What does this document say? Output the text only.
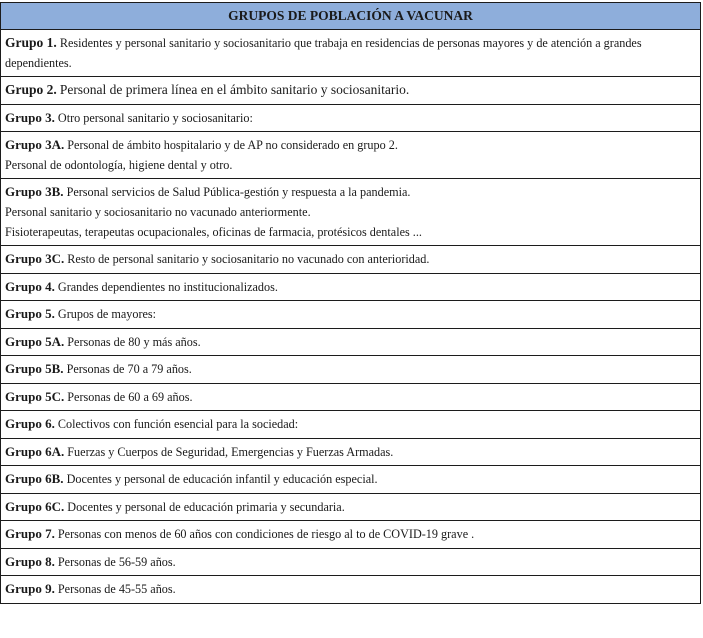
GRUPOS DE POBLACIÓN A VACUNAR
Grupo 1. Residentes y personal sanitario y sociosanitario que trabaja en residencias de personas mayores y de atención a grandes dependientes.
Grupo 2. Personal de primera línea en el ámbito sanitario y sociosanitario.
Grupo 3. Otro personal sanitario y sociosanitario:

Grupo 3A. Personal de ámbito hospitalario y de AP no considerado en grupo 2.
Personal de odontología, higiene dental y otro.

Grupo 3B. Personal servicios de Salud Pública-gestión y respuesta a la pandemia.
Personal sanitario y sociosanitario no vacunado anteriormente.
Fisioterapeutas, terapeutas ocupacionales, oficinas de farmacia, protésicos dentales ...

Grupo 3C. Resto de personal sanitario y sociosanitario no vacunado con anterioridad.
Grupo 4. Grandes dependientes no institucionalizados.
Grupo 5. Grupos de mayores:
Grupo 5A. Personas de 80 y más años.
Grupo 5B. Personas de 70 a 79 años.
Grupo 5C. Personas de 60 a 69 años.
Grupo 6. Colectivos con función esencial para la sociedad:
Grupo 6A. Fuerzas y Cuerpos de Seguridad, Emergencias y Fuerzas Armadas.
Grupo 6B. Docentes y personal de educación infantil y educación especial.
Grupo 6C. Docentes y personal de educación primaria y secundaria.
Grupo 7. Personas con menos de 60 años con condiciones de riesgo al to de COVID-19 grave .
Grupo 8. Personas de 56-59 años.
Grupo 9. Personas de 45-55 años.
